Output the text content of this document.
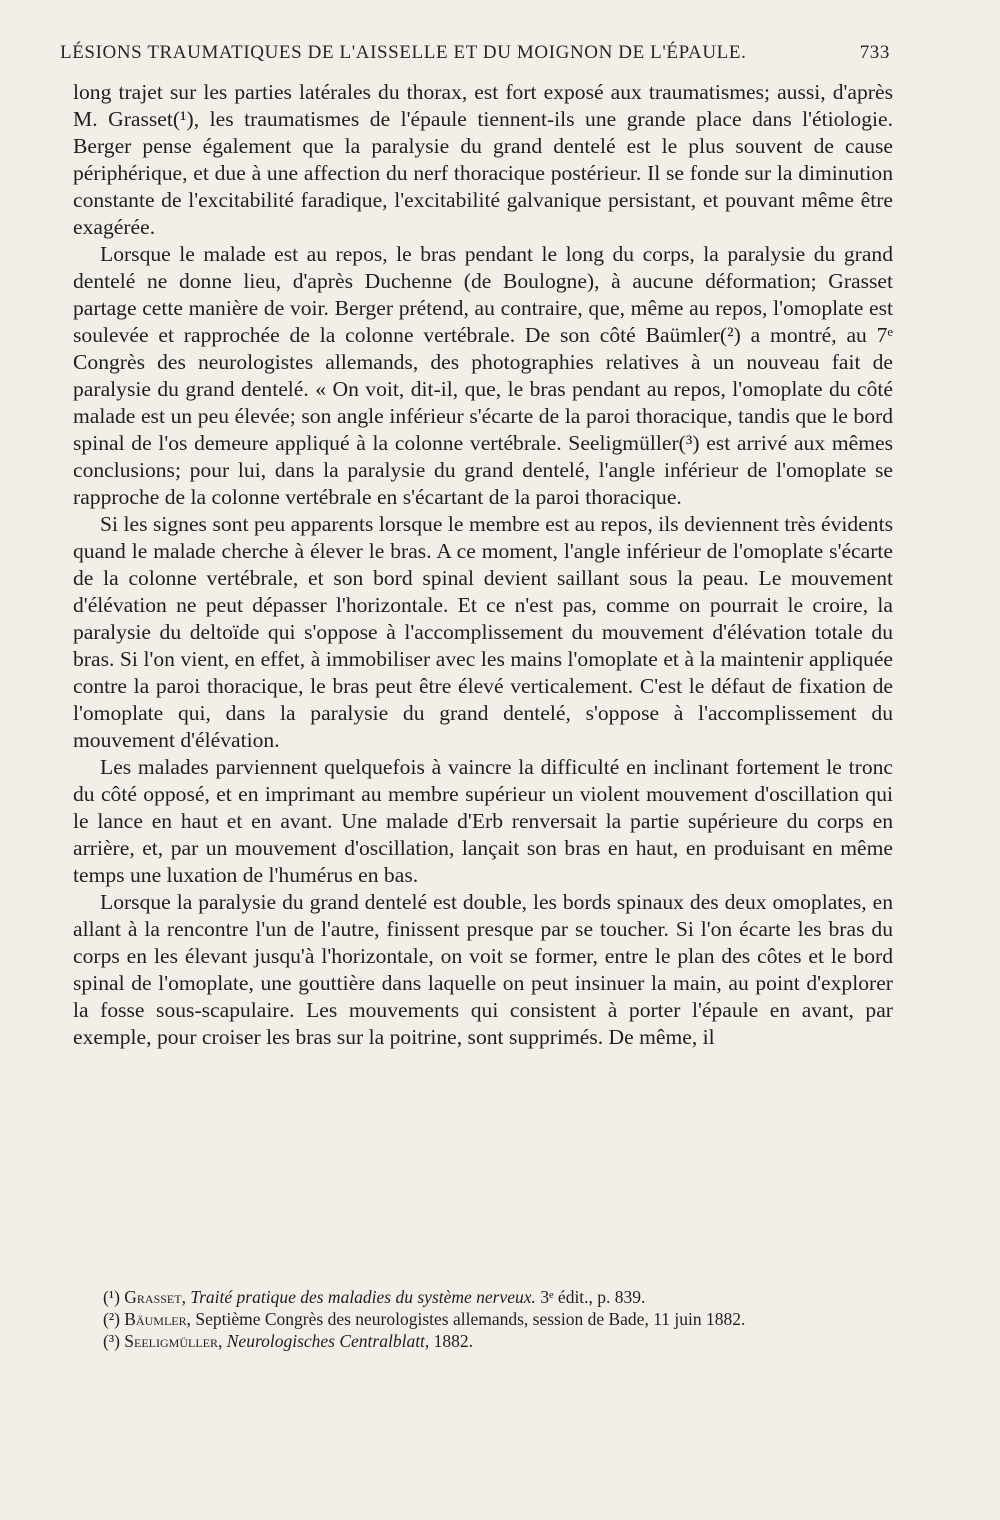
LÉSIONS TRAUMATIQUES DE L'AISSELLE ET DU MOIGNON DE L'ÉPAULE.	733

long trajet sur les parties latérales du thorax, est fort exposé aux traumatismes; aussi, d'après M. Grasset(¹), les traumatismes de l'épaule tiennent-ils une grande place dans l'étiologie. Berger pense également que la paralysie du grand dentelé est le plus souvent de cause périphérique, et due à une affection du nerf thoracique postérieur. Il se fonde sur la diminution constante de l'excitabilité faradique, l'excitabilité galvanique persistant, et pouvant même être exagérée.

Lorsque le malade est au repos, le bras pendant le long du corps, la paralysie du grand dentelé ne donne lieu, d'après Duchenne (de Boulogne), à aucune déformation; Grasset partage cette manière de voir. Berger prétend, au contraire, que, même au repos, l'omoplate est soulevée et rapprochée de la colonne vertébrale. De son côté Baümler(²) a montré, au 7ᵉ Congrès des neurologistes allemands, des photographies relatives à un nouveau fait de paralysie du grand dentelé. « On voit, dit-il, que, le bras pendant au repos, l'omoplate du côté malade est un peu élevée; son angle inférieur s'écarte de la paroi thoracique, tandis que le bord spinal de l'os demeure appliqué à la colonne vertébrale. Seeligmüller(³) est arrivé aux mêmes conclusions; pour lui, dans la paralysie du grand dentelé, l'angle inférieur de l'omoplate se rapproche de la colonne vertébrale en s'écartant de la paroi thoracique.

Si les signes sont peu apparents lorsque le membre est au repos, ils deviennent très évidents quand le malade cherche à élever le bras. A ce moment, l'angle inférieur de l'omoplate s'écarte de la colonne vertébrale, et son bord spinal devient saillant sous la peau. Le mouvement d'élévation ne peut dépasser l'horizontale. Et ce n'est pas, comme on pourrait le croire, la paralysie du deltoïde qui s'oppose à l'accomplissement du mouvement d'élévation totale du bras. Si l'on vient, en effet, à immobiliser avec les mains l'omoplate et à la maintenir appliquée contre la paroi thoracique, le bras peut être élevé verticalement. C'est le défaut de fixation de l'omoplate qui, dans la paralysie du grand dentelé, s'oppose à l'accomplissement du mouvement d'élévation.

Les malades parviennent quelquefois à vaincre la difficulté en inclinant fortement le tronc du côté opposé, et en imprimant au membre supérieur un violent mouvement d'oscillation qui le lance en haut et en avant. Une malade d'Erb renversait la partie supérieure du corps en arrière, et, par un mouvement d'oscillation, lançait son bras en haut, en produisant en même temps une luxation de l'humérus en bas.

Lorsque la paralysie du grand dentelé est double, les bords spinaux des deux omoplates, en allant à la rencontre l'un de l'autre, finissent presque par se toucher. Si l'on écarte les bras du corps en les élevant jusqu'à l'horizontale, on voit se former, entre le plan des côtes et le bord spinal de l'omoplate, une gouttière dans laquelle on peut insinuer la main, au point d'explorer la fosse sous-scapulaire. Les mouvements qui consistent à porter l'épaule en avant, par exemple, pour croiser les bras sur la poitrine, sont supprimés. De même, il

(¹) Grasset, Traité pratique des maladies du système nerveux. 3ᵉ édit., p. 839.
(²) Bäumler, Septième Congrès des neurologistes allemands, session de Bade, 11 juin 1882.
(³) Seeligmüller, Neurologisches Centralblatt, 1882.
